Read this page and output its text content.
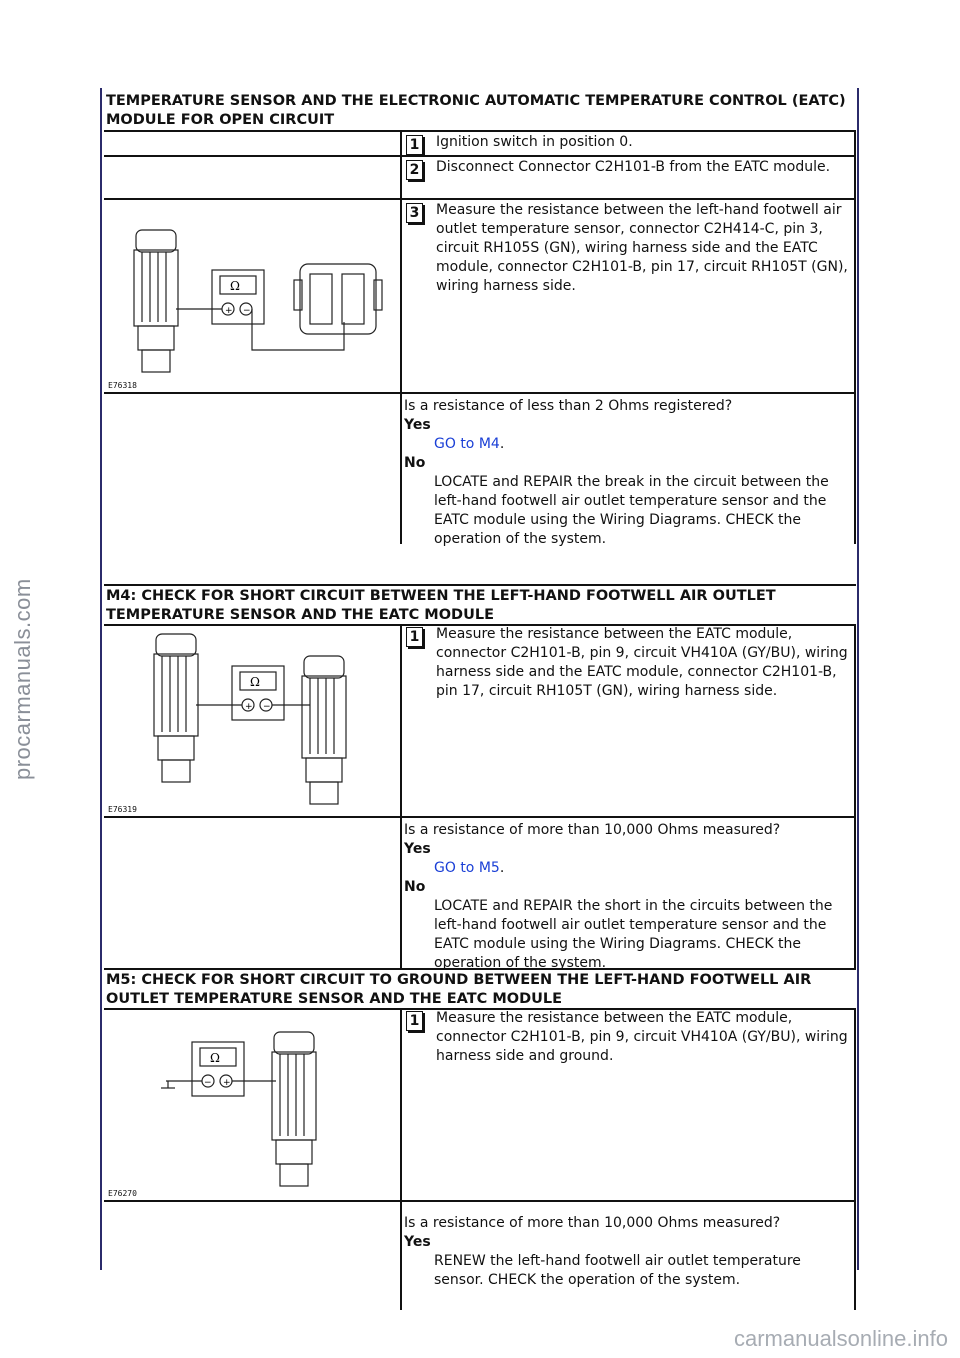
TEMPERATURE SENSOR AND THE ELECTRONIC AUTOMATIC TEMPERATURE CONTROL (EATC) MODULE FOR OPEN CIRCUIT
1 Ignition switch in position 0.
2 Disconnect Connector C2H101-B from the EATC module.
Ω
+ −
E76318
3 Measure the resistance between the left-hand footwell air outlet temperature sensor, connector C2H414-C, pin 3, circuit RH105S (GN), wiring harness side and the EATC module, connector C2H101-B, pin 17, circuit RH105T (GN), wiring harness side.
Is a resistance of less than 2 Ohms registered?
Yes
GO to M4.
No
LOCATE and REPAIR the break in the circuit between the left-hand footwell air outlet temperature sensor and the EATC module using the Wiring Diagrams. CHECK the operation of the system.
M4: CHECK FOR SHORT CIRCUIT BETWEEN THE LEFT-HAND FOOTWELL AIR OUTLET TEMPERATURE SENSOR AND THE EATC MODULE
Ω
+ −
E76319
1 Measure the resistance between the EATC module, connector C2H101-B, pin 9, circuit VH410A (GY/BU), wiring harness side and the EATC module, connector C2H101-B, pin 17, circuit RH105T (GN), wiring harness side.
Is a resistance of more than 10,000 Ohms measured?
Yes
GO to M5.
No
LOCATE and REPAIR the short in the circuits between the left-hand footwell air outlet temperature sensor and the EATC module using the Wiring Diagrams. CHECK the operation of the system.
M5: CHECK FOR SHORT CIRCUIT TO GROUND BETWEEN THE LEFT-HAND FOOTWELL AIR OUTLET TEMPERATURE SENSOR AND THE EATC MODULE
Ω
− +
E76270
1 Measure the resistance between the EATC module, connector C2H101-B, pin 9, circuit VH410A (GY/BU), wiring harness side and ground.
Is a resistance of more than 10,000 Ohms measured?
Yes
RENEW the left-hand footwell air outlet temperature sensor. CHECK the operation of the system.
procarmanuals.com
carmanualsonline.info
